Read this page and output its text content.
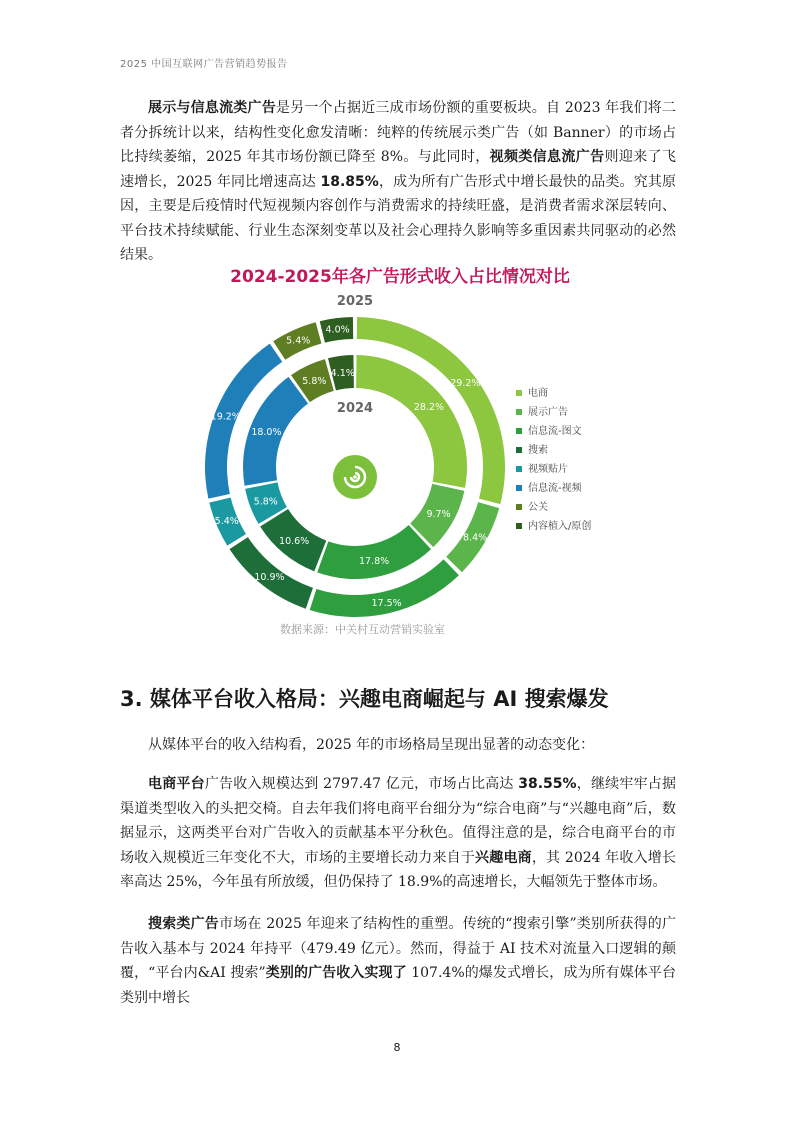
2025 中国互联网广告营销趋势报告
展示与信息流类广告是另一个占据近三成市场份额的重要板块。自 2023 年我们将二者分拆统计以来，结构性变化愈发清晰：纯粹的传统展示类广告（如 Banner）的市场占比持续萎缩，2025 年其市场份额已降至 8%。与此同时，视频类信息流广告则迎来了飞速增长，2025 年同比增速高达 18.85%，成为所有广告形式中增长最快的品类。究其原因，主要是后疫情时代短视频内容创作与消费需求的持续旺盛，是消费者需求深层转向、平台技术持续赋能、行业生态深刻变革以及社会心理持久影响等多重因素共同驱动的必然结果。
29.2%
8.4%
17.5%
10.9%
5.4%
19.2%
5.4%
4.0%
28.2%
9.7%
17.8%
10.6%
5.8%
18.0%
5.8%
4.1%
2025
2024
电商
展示广告
信息流-图文
搜索
视频贴片
信息流-视频
公关
内容植入/原创
2024-2025年各广告形式收入占比情况对比
数据来源：中关村互动营销实验室
3. 媒体平台收入格局：兴趣电商崛起与 AI 搜索爆发
从媒体平台的收入结构看，2025 年的市场格局呈现出显著的动态变化：
电商平台广告收入规模达到 2797.47 亿元，市场占比高达 38.55%，继续牢牢占据渠道类型收入的头把交椅。自去年我们将电商平台细分为“综合电商”与“兴趣电商”后，数据显示，这两类平台对广告收入的贡献基本平分秋色。值得注意的是，综合电商平台的市场收入规模近三年变化不大，市场的主要增长动力来自于兴趣电商，其 2024 年收入增长率高达 25%，今年虽有所放缓，但仍保持了 18.9%的高速增长，大幅领先于整体市场。
搜索类广告市场在 2025 年迎来了结构性的重塑。传统的“搜索引擎”类别所获得的广告收入基本与 2024 年持平（479.49 亿元）。然而，得益于 AI 技术对流量入口逻辑的颠覆，“平台内&AI 搜索”类别的广告收入实现了 107.4%的爆发式增长，成为所有媒体平台类别中增长
8
